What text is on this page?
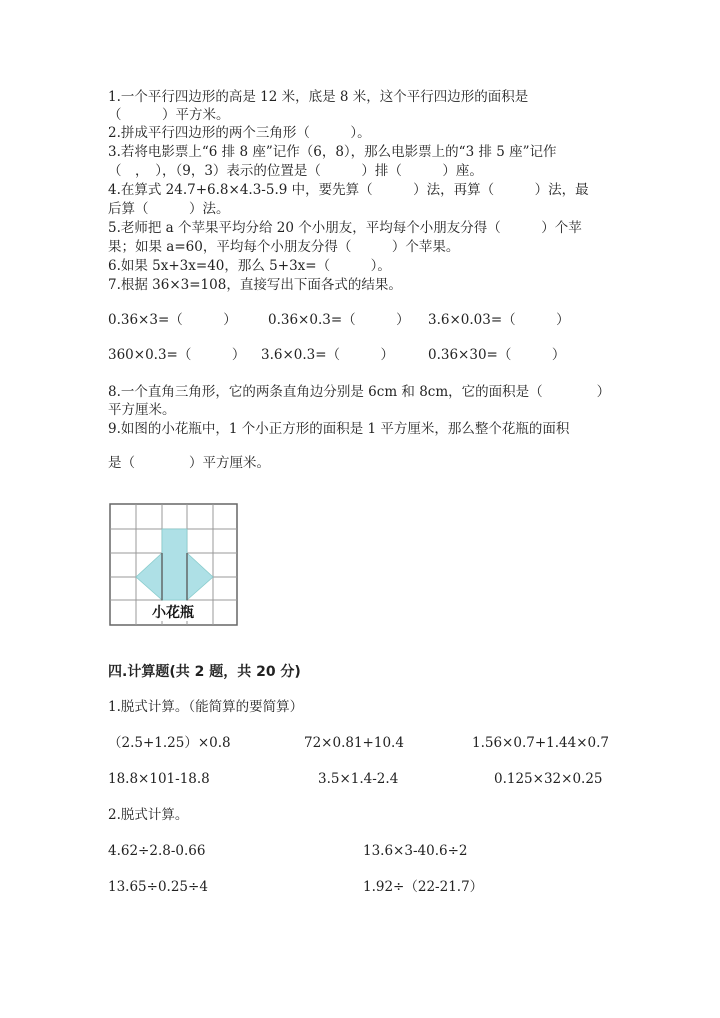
1.一个平行四边形的高是 12 米，底是 8 米，这个平行四边形的面积是
（　　　）平方米。
2.拼成平行四边形的两个三角形（　　　）。
3.若将电影票上“6 排 8 座”记作（6，8），那么电影票上的“3 排 5 座”记作
（　，　），（9，3）表示的位置是（　　　）排（　　　）座。
4.在算式 24.7+6.8×4.3-5.9 中，要先算（　　　）法，再算（　　　）法，最
后算（　　　）法。
5.老师把 a 个苹果平均分给 20 个小朋友，平均每个小朋友分得（　　　）个苹
果；如果 a=60，平均每个小朋友分得（　　　）个苹果。
6.如果 5x+3x=40，那么 5+3x=（　　　）。
7.根据 36×3=108，直接写出下面各式的结果。
0.36×3=（　　　） 0.36×0.3=（　　　） 3.6×0.03=（　　　）
360×0.3=（　　　） 3.6×0.3=（　　　）	0.36×30=（　　　）
8.一个直角三角形，它的两条直角边分别是 6cm 和 8cm，它的面积是（　　　　）
平方厘米。
9.如图的小花瓶中，1 个小正方形的面积是 1 平方厘米，那么整个花瓶的面积
是（　　　　）平方厘米。
小花瓶
四.计算题(共 2 题，共 20 分)
1.脱式计算。（能简算的要简算）
（2.5+1.25）×0.8	72×0.81+10.4	1.56×0.7+1.44×0.7
18.8×101-18.8	3.5×1.4-2.4	0.125×32×0.25
2.脱式计算。
4.62÷2.8-0.66	13.6×3-40.6÷2
13.65÷0.25÷4	1.92÷（22-21.7）
